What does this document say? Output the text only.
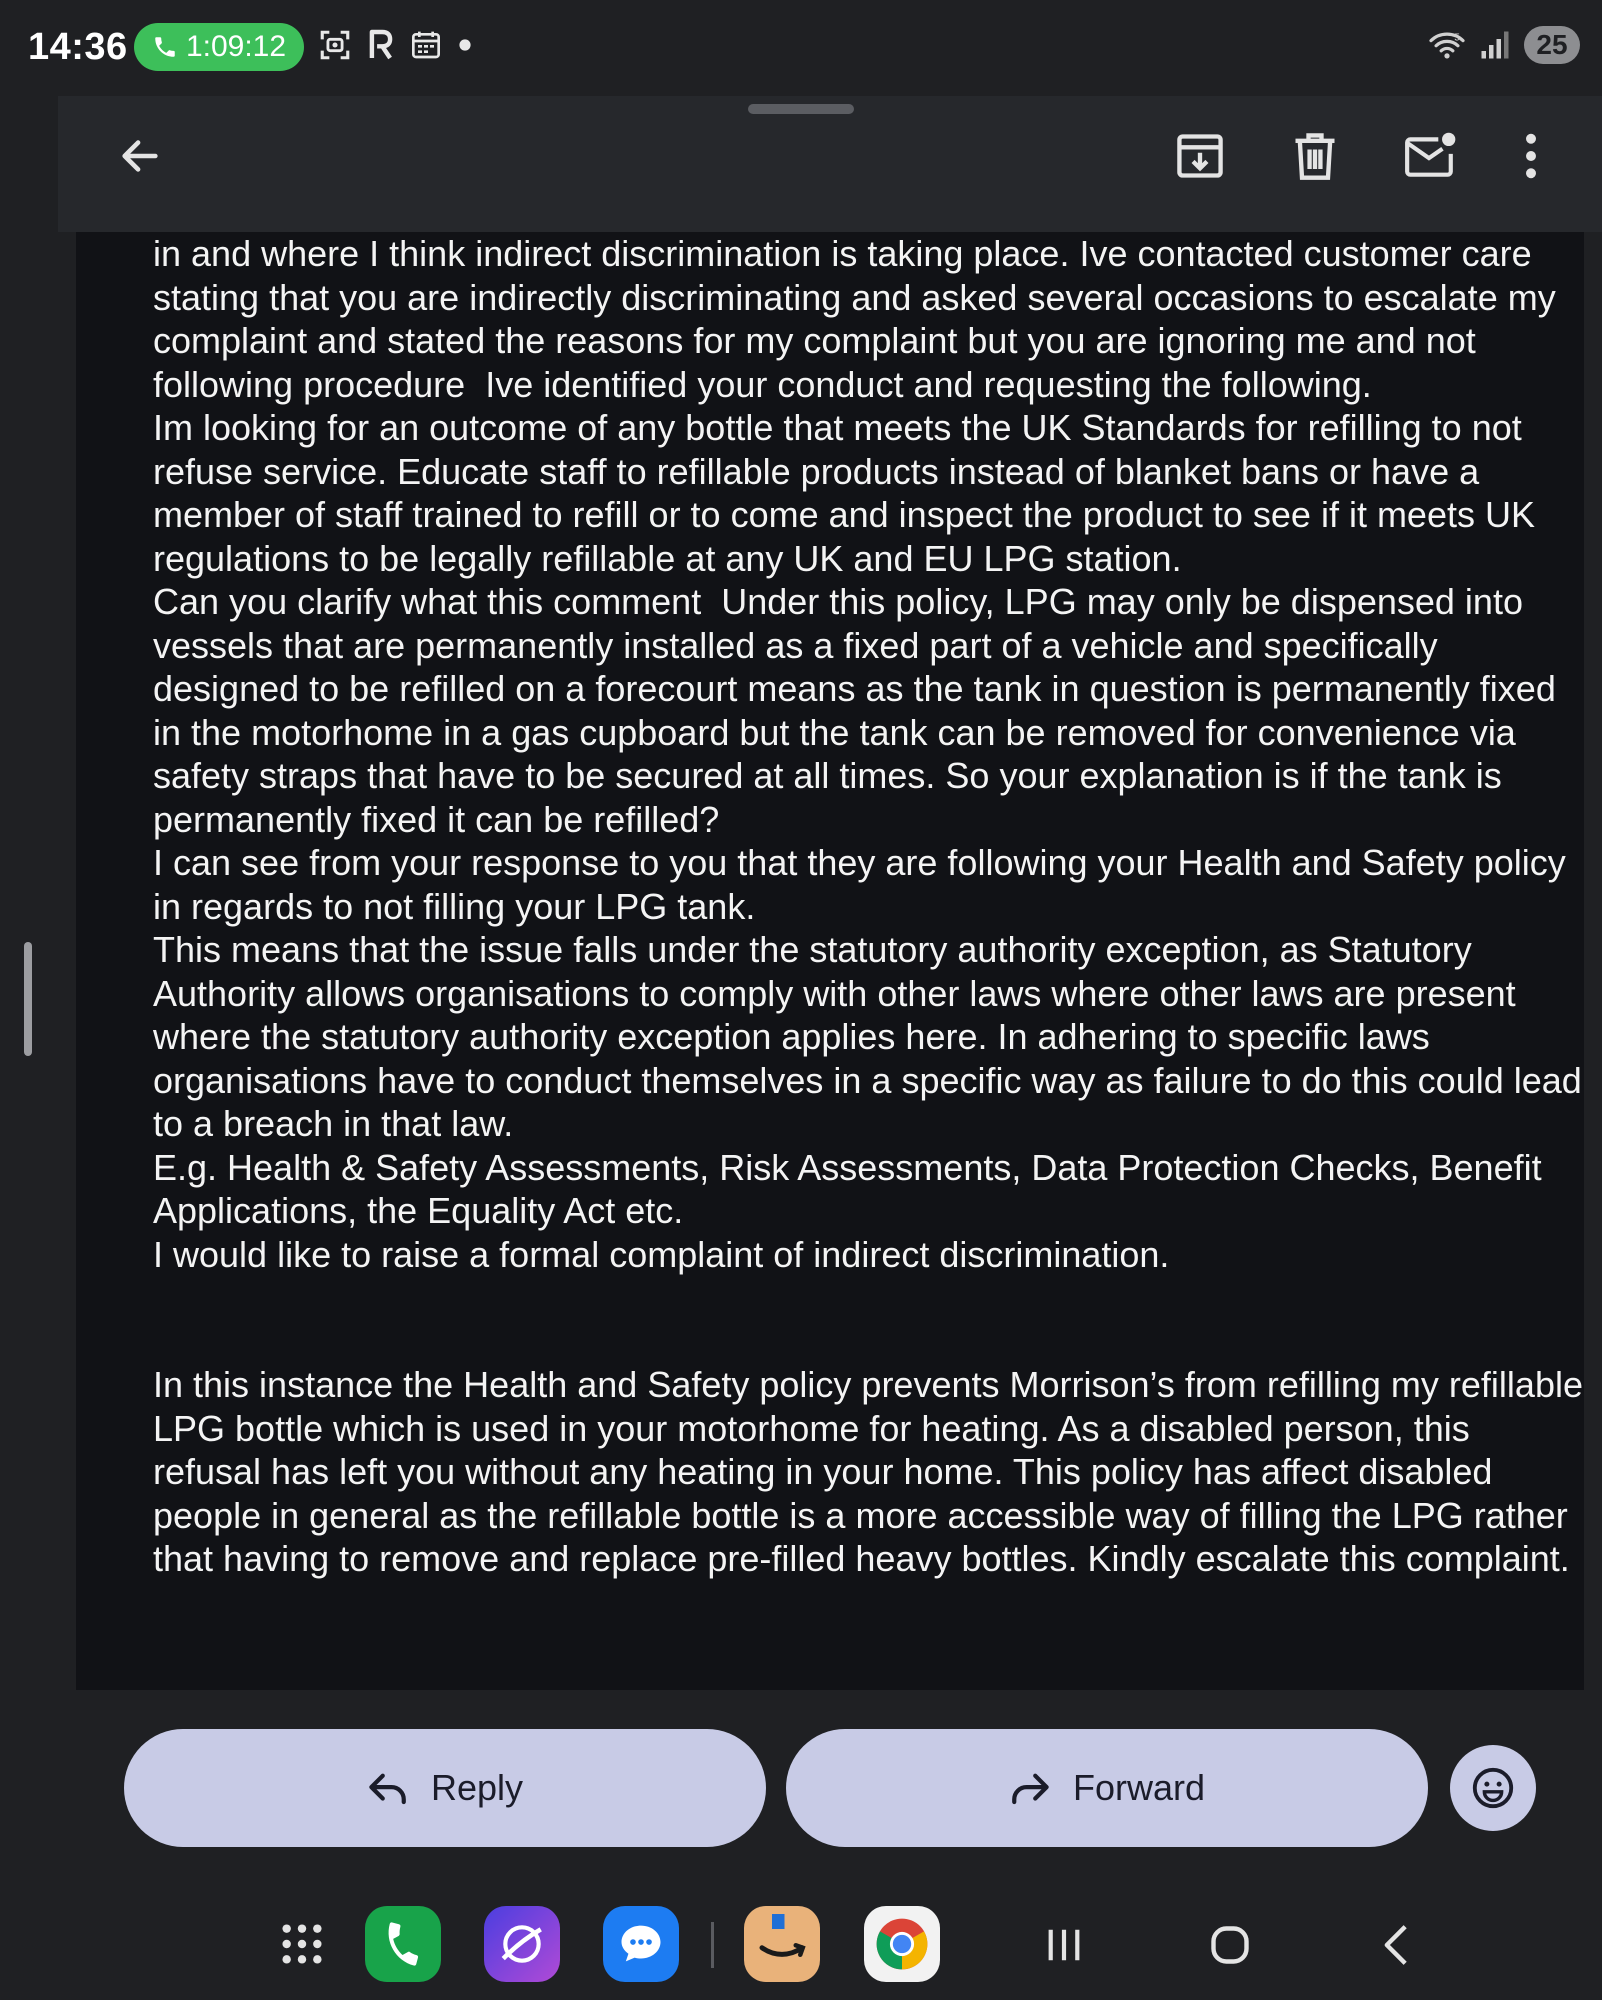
14:36 1:09:12	5	25
in and where I think indirect discrimination is taking place. Ive contacted customer care stating that you are indirectly discriminating and asked several occasions to escalate my complaint and stated the reasons for my complaint but you are ignoring me and not following procedure  Ive identified your conduct and requesting the following.
Im looking for an outcome of any bottle that meets the UK Standards for refilling to not refuse service. Educate staff to refillable products instead of blanket bans or have a member of staff trained to refill or to come and inspect the product to see if it meets UK regulations to be legally refillable at any UK and EU LPG station.
Can you clarify what this comment  Under this policy, LPG may only be dispensed into vessels that are permanently installed as a fixed part of a vehicle and specifically designed to be refilled on a forecourt means as the tank in question is permanently fixed in the motorhome in a gas cupboard but the tank can be removed for convenience via safety straps that have to be secured at all times. So your explanation is if the tank is permanently fixed it can be refilled?
I can see from your response to you that they are following your Health and Safety policy in regards to not filling your LPG tank.
This means that the issue falls under the statutory authority exception, as Statutory Authority allows organisations to comply with other laws where other laws are present where the statutory authority exception applies here. In adhering to specific laws organisations have to conduct themselves in a specific way as failure to do this could lead to a breach in that law.
E.g. Health & Safety Assessments, Risk Assessments, Data Protection Checks, Benefit Applications, the Equality Act etc.
I would like to raise a formal complaint of indirect discrimination.

In this instance the Health and Safety policy prevents Morrison’s from refilling my refillable LPG bottle which is used in your motorhome for heating. As a disabled person, this refusal has left you without any heating in your home. This policy has affect disabled people in general as the refillable bottle is a more accessible way of filling the LPG rather that having to remove and replace pre-filled heavy bottles. Kindly escalate this complaint.
Reply	Forward
